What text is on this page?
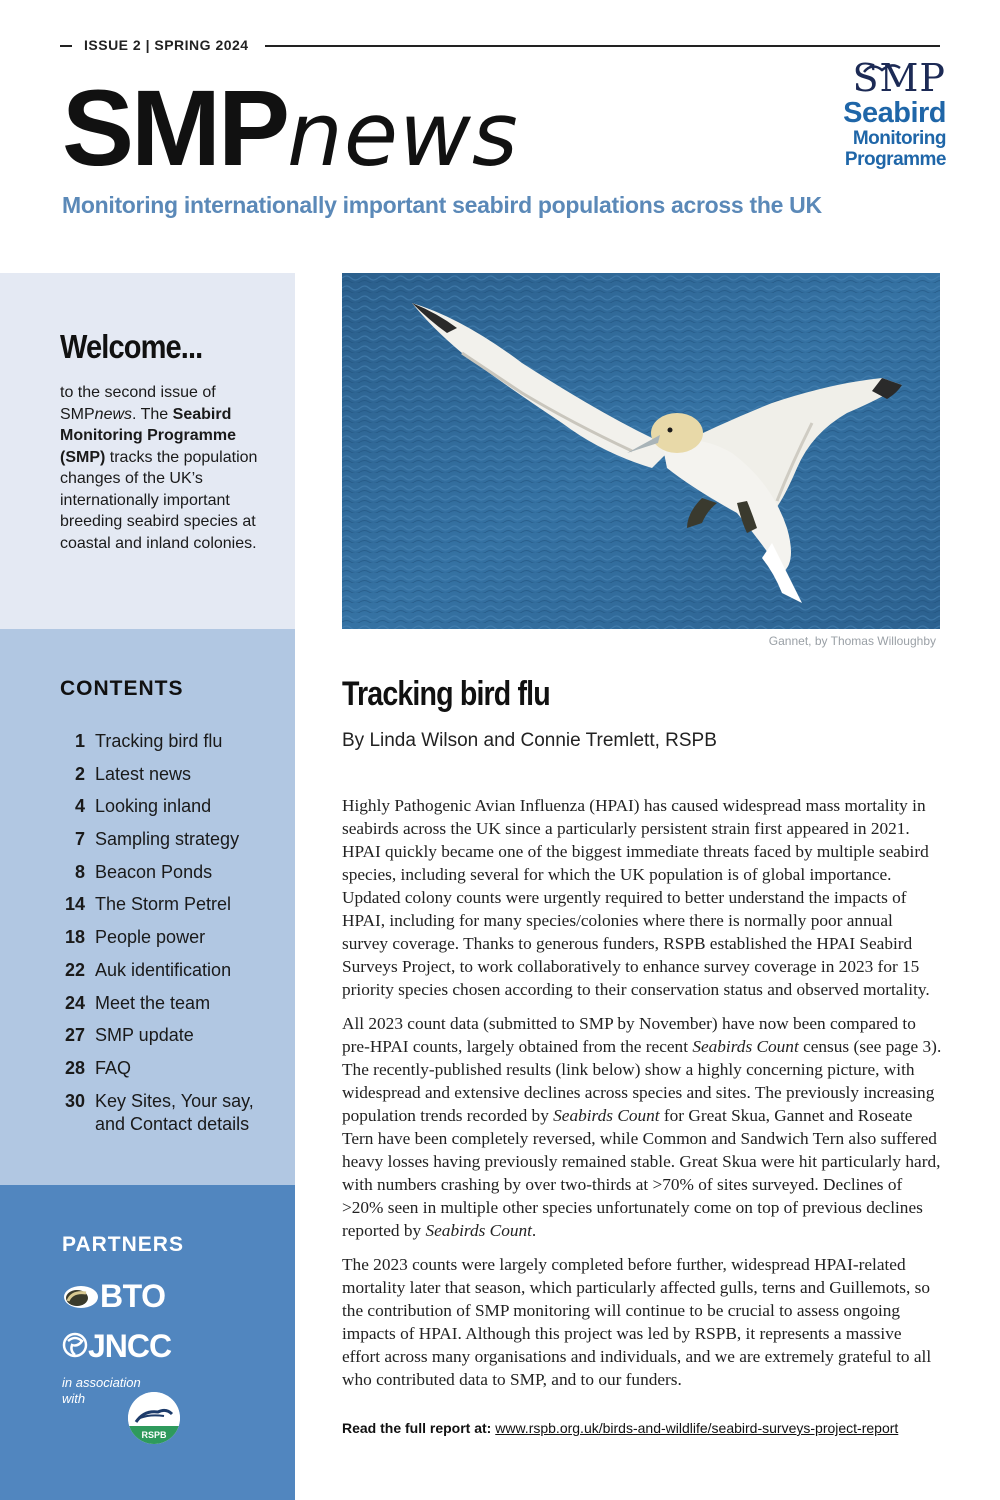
ISSUE 2 | SPRING 2024
SMPnews
Monitoring internationally important seabird populations across the UK
SMP
Seabird
Monitoring
Programme
Welcome...
to the second issue of SMPnews. The Seabird Monitoring Programme (SMP) tracks the population changes of the UK’s internationally important breeding seabird species at coastal and inland colonies.
CONTENTS
1 Tracking bird flu
2 Latest news
4 Looking inland
7 Sampling strategy
8 Beacon Ponds
14 The Storm Petrel
18 People power
22 Auk identification
24 Meet the team
27 SMP update
28 FAQ
30 Key Sites, Your say, and Contact details
PARTNERS
BTO
JNCC
in association with
RSPB
Gannet, by Thomas Willoughby
Tracking bird flu
By Linda Wilson and Connie Tremlett, RSPB

Highly Pathogenic Avian Influenza (HPAI) has caused widespread mass mortality in seabirds across the UK since a particularly persistent strain first appeared in 2021. HPAI quickly became one of the biggest immediate threats faced by multiple seabird species, including several for which the UK population is of global importance. Updated colony counts were urgently required to better understand the impacts of HPAI, including for many species/colonies where there is normally poor annual survey coverage. Thanks to generous funders, RSPB established the HPAI Seabird Surveys Project, to work collaboratively to enhance survey coverage in 2023 for 15 priority species chosen according to their conservation status and observed mortality.

All 2023 count data (submitted to SMP by November) have now been compared to pre-HPAI counts, largely obtained from the recent Seabirds Count census (see page 3). The recently-published results (link below) show a highly concerning picture, with widespread and extensive declines across species and sites. The previously increasing population trends recorded by Seabirds Count for Great Skua, Gannet and Roseate Tern have been completely reversed, while Common and Sandwich Tern also suffered heavy losses having previously remained stable. Great Skua were hit particularly hard, with numbers crashing by over two-thirds at >70% of sites surveyed. Declines of >20% seen in multiple other species unfortunately come on top of previous declines reported by Seabirds Count.

The 2023 counts were largely completed before further, widespread HPAI-related mortality later that season, which particularly affected gulls, terns and Guillemots, so the contribution of SMP monitoring will continue to be crucial to assess ongoing impacts of HPAI. Although this project was led by RSPB, it represents a massive effort across many organisations and individuals, and we are extremely grateful to all who contributed data to SMP, and to our funders.

Read the full report at: www.rspb.org.uk/birds-and-wildlife/seabird-surveys-project-report
